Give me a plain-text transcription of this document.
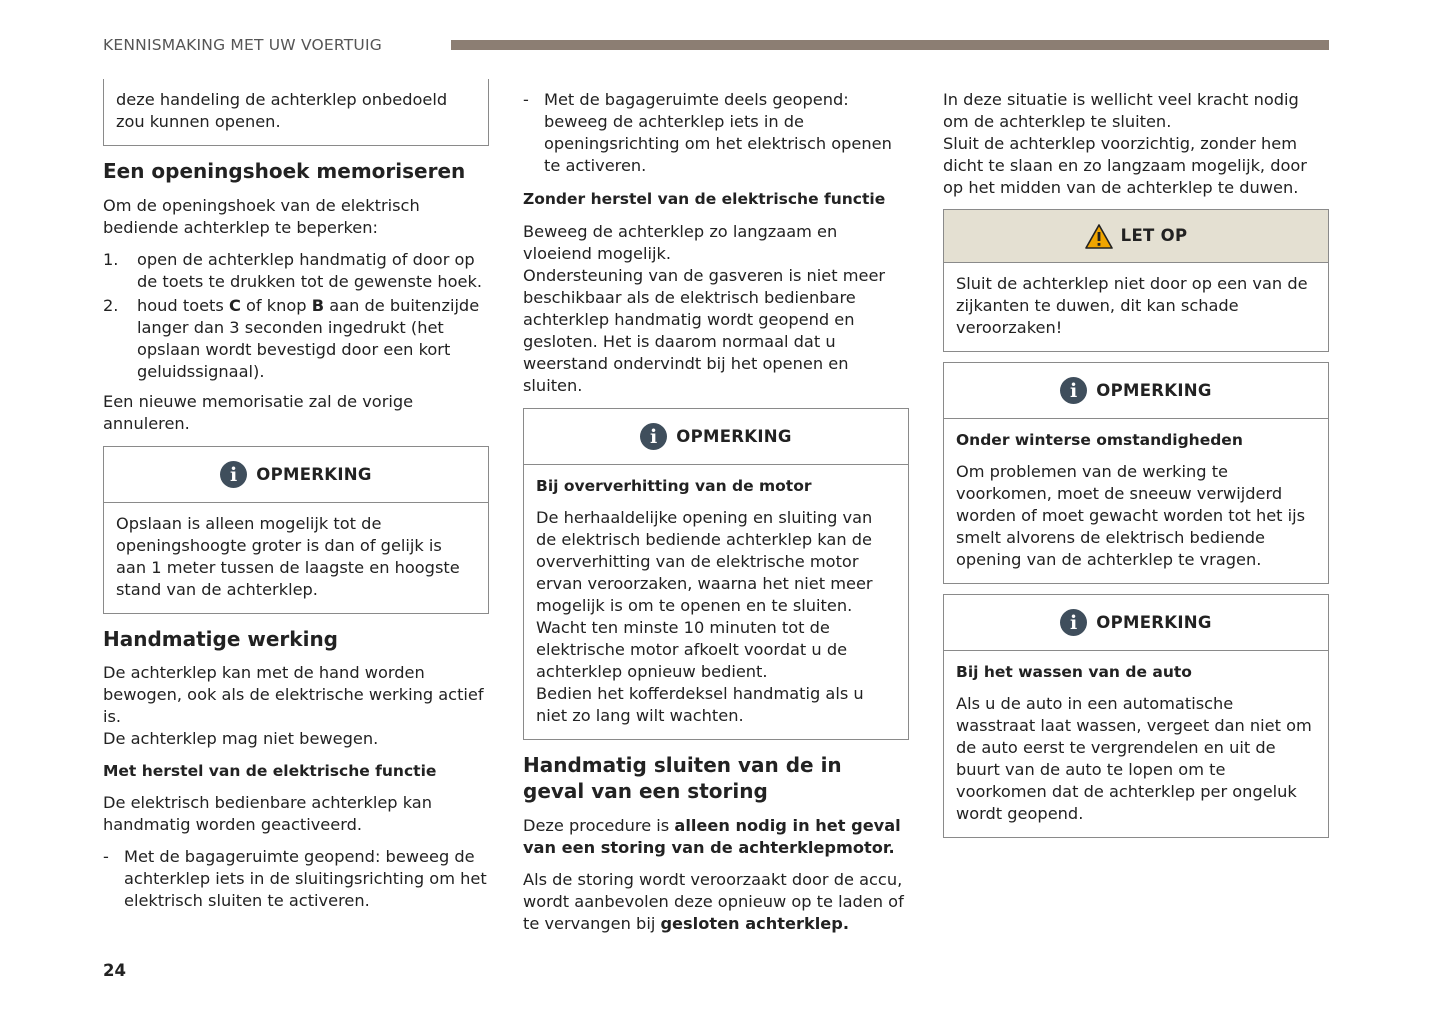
KENNISMAKING MET UW VOERTUIG

deze handeling de achterklep onbedoeld zou kunnen openen.

Een openingshoek memoriseren

Om de openingshoek van de elektrisch bediende achterklep te beperken:

1.	open de achterklep handmatig of door op de toets te drukken tot de gewenste hoek.
2.	houd toets C of knop B aan de buitenzijde langer dan 3 seconden ingedrukt (het opslaan wordt bevestigd door een kort geluidssignaal).

Een nieuwe memorisatie zal de vorige annuleren.

i	OPMERKING

Opslaan is alleen mogelijk tot de openingshoogte groter is dan of gelijk is aan 1 meter tussen de laagste en hoogste stand van de achterklep.

Handmatige werking

De achterklep kan met de hand worden bewogen, ook als de elektrische werking actief is.

De achterklep mag niet bewegen.

Met herstel van de elektrische functie

De elektrisch bedienbare achterklep kan handmatig worden geactiveerd.

- Met de bagageruimte geopend: beweeg de achterklep iets in de sluitingsrichting om het elektrisch sluiten te activeren.
- Met de bagageruimte deels geopend: beweeg de achterklep iets in de openingsrichting om het elektrisch openen te activeren.
Zonder herstel van de elektrische functie

Beweeg de achterklep zo langzaam en vloeiend mogelijk.

Ondersteuning van de gasveren is niet meer beschikbaar als de elektrisch bedienbare achterklep handmatig wordt geopend en gesloten. Het is daarom normaal dat u weerstand ondervindt bij het openen en sluiten.

i	OPMERKING
Bij oververhitting van de motor

De herhaaldelijke opening en sluiting van de elektrisch bediende achterklep kan de oververhitting van de elektrische motor ervan veroorzaken, waarna het niet meer mogelijk is om te openen en te sluiten.

Wacht ten minste 10 minuten tot de elektrische motor afkoelt voordat u de achterklep opnieuw bedient.

Bedien het kofferdeksel handmatig als u niet zo lang wilt wachten.

Handmatig sluiten van de in geval van een storing

Deze procedure is alleen nodig in het geval van een storing van de achterklepmotor.

Als de storing wordt veroorzaakt door de accu, wordt aanbevolen deze opnieuw op te laden of te vervangen bij gesloten achterklep.

In deze situatie is wellicht veel kracht nodig om de achterklep te sluiten.

Sluit de achterklep voorzichtig, zonder hem dicht te slaan en zo langzaam mogelijk, door op het midden van de achterklep te duwen.

LET OP

Sluit de achterklep niet door op een van de zijkanten te duwen, dit kan schade veroorzaken!

i	OPMERKING
Onder winterse omstandigheden

Om problemen van de werking te voorkomen, moet de sneeuw verwijderd worden of moet gewacht worden tot het ijs smelt alvorens de elektrisch bediende opening van de achterklep te vragen.

i	OPMERKING
Bij het wassen van de auto

Als u de auto in een automatische wasstraat laat wassen, vergeet dan niet om de auto eerst te vergrendelen en uit de buurt van de auto te lopen om te voorkomen dat de achterklep per ongeluk wordt geopend.

24
